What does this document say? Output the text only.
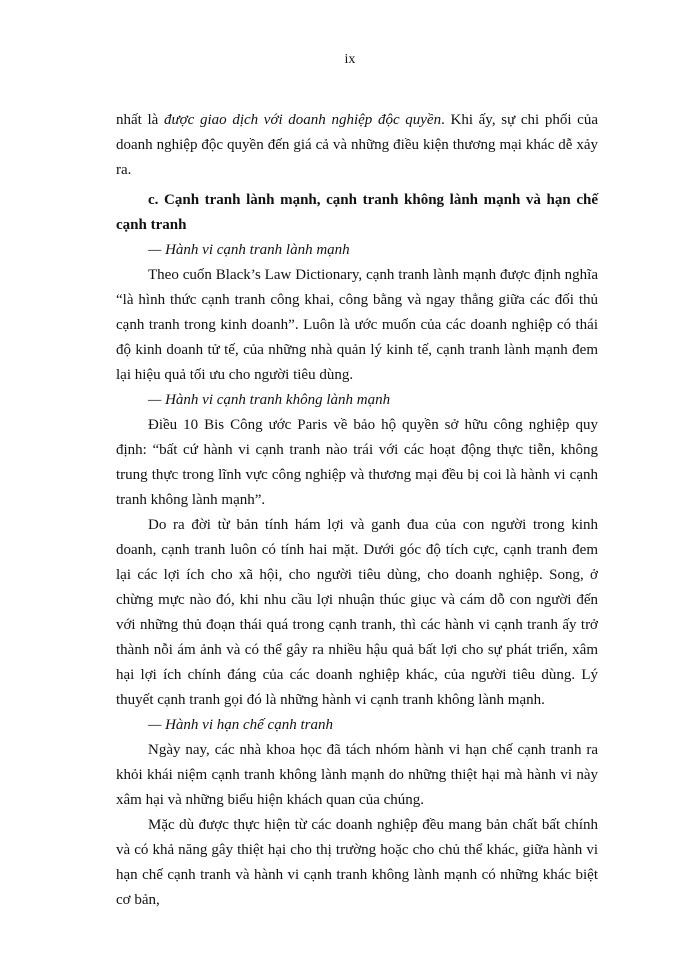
ix

nhất là được giao dịch với doanh nghiệp độc quyền. Khi ấy, sự chi phối của doanh nghiệp độc quyền đến giá cả và những điều kiện thương mại khác dễ xảy ra.

c. Cạnh tranh lành mạnh, cạnh tranh không lành mạnh và hạn chế cạnh tranh

— Hành vi cạnh tranh lành mạnh

Theo cuốn Black’s Law Dictionary, cạnh tranh lành mạnh được định nghĩa “là hình thức cạnh tranh công khai, công bằng và ngay thẳng giữa các đối thủ cạnh tranh trong kinh doanh”. Luôn là ước muốn của các doanh nghiệp có thái độ kinh doanh tử tế, của những nhà quản lý kinh tế, cạnh tranh lành mạnh đem lại hiệu quả tối ưu cho người tiêu dùng.

— Hành vi cạnh tranh không lành mạnh

Điều 10 Bis Công ước Paris về bảo hộ quyền sở hữu công nghiệp quy định: “bất cứ hành vi cạnh tranh nào trái với các hoạt động thực tiễn, không trung thực trong lĩnh vực công nghiệp và thương mại đều bị coi là hành vi cạnh tranh không lành mạnh”.

Do ra đời từ bản tính hám lợi và ganh đua của con người trong kinh doanh, cạnh tranh luôn có tính hai mặt. Dưới góc độ tích cực, cạnh tranh đem lại các lợi ích cho xã hội, cho người tiêu dùng, cho doanh nghiệp. Song, ở chừng mực nào đó, khi nhu cầu lợi nhuận thúc giục và cám dỗ con người đến với những thủ đoạn thái quá trong cạnh tranh, thì các hành vi cạnh tranh ấy trở thành nỗi ám ảnh và có thể gây ra nhiều hậu quả bất lợi cho sự phát triển, xâm hại lợi ích chính đáng của các doanh nghiệp khác, của người tiêu dùng. Lý thuyết cạnh tranh gọi đó là những hành vi cạnh tranh không lành mạnh.

— Hành vi hạn chế cạnh tranh

Ngày nay, các nhà khoa học đã tách nhóm hành vi hạn chế cạnh tranh ra khỏi khái niệm cạnh tranh không lành mạnh do những thiệt hại mà hành vi này xâm hại và những biểu hiện khách quan của chúng.

Mặc dù được thực hiện từ các doanh nghiệp đều mang bản chất bất chính và có khả năng gây thiệt hại cho thị trường hoặc cho chủ thể khác, giữa hành vi hạn chế cạnh tranh và hành vi cạnh tranh không lành mạnh có những khác biệt cơ bản,
